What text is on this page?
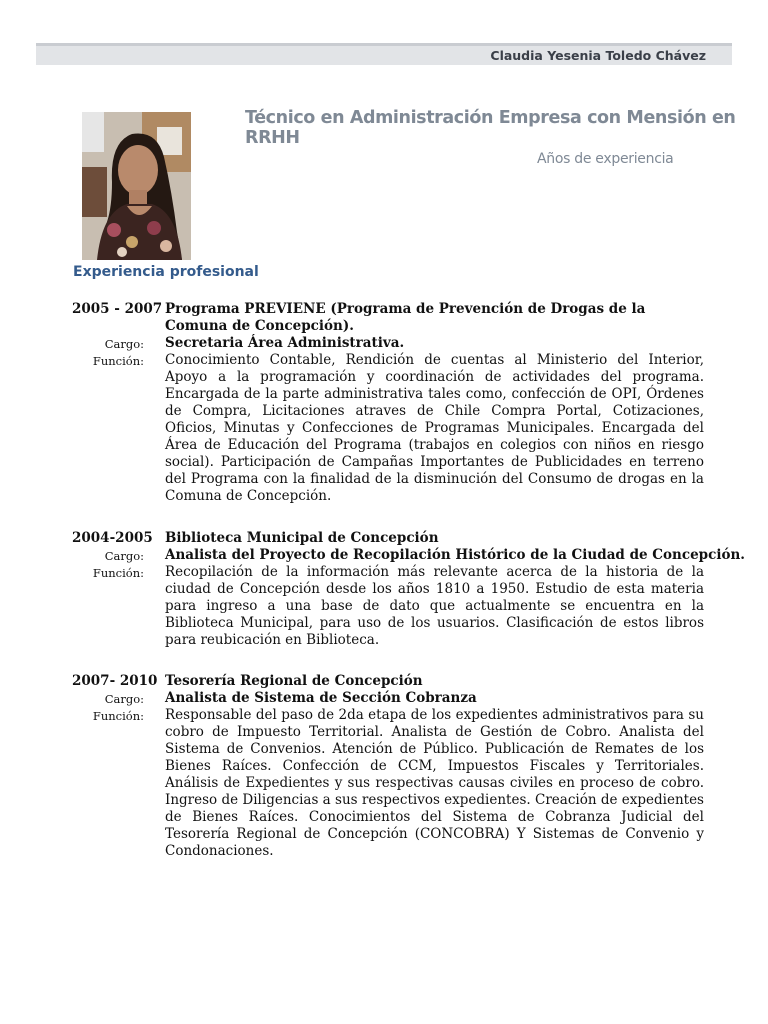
Claudia Yesenia Toledo Chávez
Técnico en Administración Empresa con Mensión en RRHH
Años de experiencia
Experiencia profesional
2005 - 2007 Programa PREVIENE (Programa de Prevención de Drogas de la
Comuna de Concepción).
Cargo: Secretaria Área Administrativa.
Función: Conocimiento Contable, Rendición de cuentas al Ministerio del Interior, Apoyo a la programación y coordinación de actividades del programa. Encargada de la parte administrativa tales como, confección de OPI, Órdenes de Compra, Licitaciones atraves de Chile Compra Portal, Cotizaciones, Oficios, Minutas y Confecciones de Programas Municipales. Encargada del Área de Educación del Programa (trabajos en colegios con niños en riesgo social). Participación de Campañas Importantes de Publicidades en terreno del Programa con la finalidad de la disminución del Consumo de drogas en la Comuna de Concepción.
2004-2005 Biblioteca Municipal de Concepción
Cargo: Analista del Proyecto de Recopilación Histórico de la Ciudad de Concepción.
Función: Recopilación de la información más relevante acerca de la historia de la ciudad de Concepción desde los años 1810 a 1950. Estudio de esta materia para ingreso a una base de dato que actualmente se encuentra en la Biblioteca Municipal, para uso de los usuarios. Clasificación de estos libros para reubicación en Biblioteca.
2007- 2010 Tesorería Regional de Concepción
Cargo: Analista de Sistema de Sección Cobranza
Función: Responsable del paso de 2da etapa de los expedientes administrativos para su cobro de Impuesto Territorial. Analista de Gestión de Cobro. Analista del Sistema de Convenios. Atención de Público. Publicación de Remates de los Bienes Raíces. Confección de CCM, Impuestos Fiscales y Territoriales. Análisis de Expedientes y sus respectivas causas civiles en proceso de cobro. Ingreso de Diligencias a sus respectivos expedientes. Creación de expedientes de Bienes Raíces. Conocimientos del Sistema de Cobranza Judicial del Tesorería Regional de Concepción (CONCOBRA) Y Sistemas de Convenio y Condonaciones.
